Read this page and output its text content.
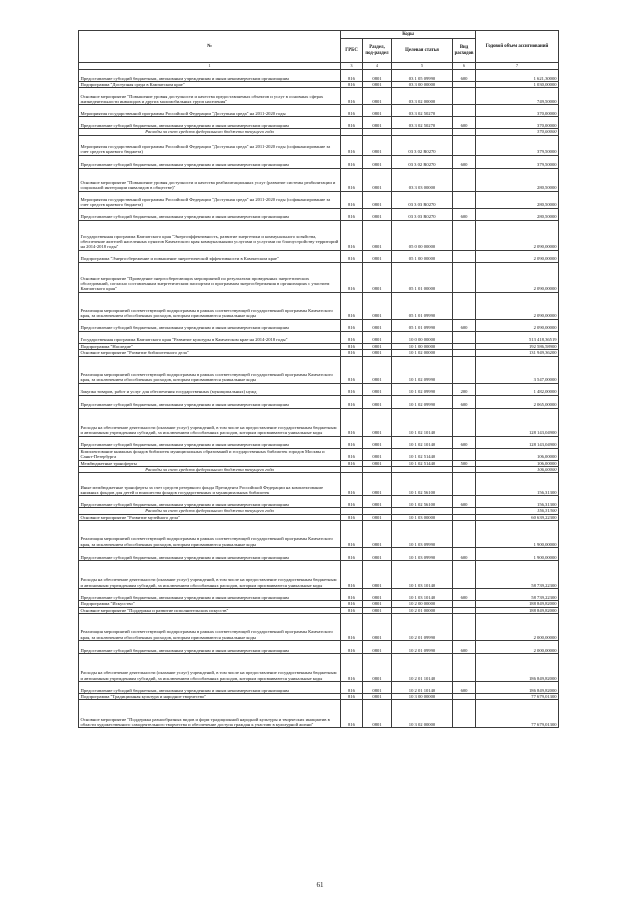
№	Коды				Годовой объем ассигнований
	ГРБС	Раздел, под-раздел	Целевая статья	Вид расходов	
1	3	4	5	6	7
Предоставление субсидий бюджетным, автономным учреждениям и иным некоммерческим организациям	816	0801	03 1 05 09990	600	1 621,30000
Подпрограмма "Доступная среда в Камчатском крае"	816	0801	03 3 00 00000		1 030,00000
Основное мероприятие "Повышение уровня доступности и качества предоставляемых объектов и услуг в основных сферах жизнедеятельности инвалидов и других маломобильных групп населения"	816	0801	03 3 02 00000		749,50000
Мероприятия государственной программы Российской Федерации "Доступная среда" на 2011-2020 годы	816	0801	03 3 02 50270		370,00000
Предоставление субсидий бюджетным, автономным учреждениям и иным некоммерческим организациям	816	0801	03 3 02 50270	600	370,00000
Расходы за счет средств федерального бюджета текущего года					370,00000
Мероприятия государственной программы Российской Федерации "Доступная среда" на 2011-2020 годы (софинансирование за счет средств краевого бюджета)	816	0801	03 3 02 R0270		379,50000
Предоставление субсидий бюджетным, автономным учреждениям и иным некоммерческим организациям	816	0801	03 3 02 R0270	600	379,50000
Основное мероприятие "Повышение уровня доступности и качества реабилитационных услуг (развитие системы реабилитации и социальной интеграции инвалидов в обществе)"	816	0801	03 3 03 00000		280,50000
Мероприятия государственной программы Российской Федерации "Доступная среда" на 2011-2020 годы (софинансирование за счет средств краевого бюджета)	816	0801	03 3 03 R0270		280,50000
Предоставление субсидий бюджетным, автономным учреждениям и иным некоммерческим организациям	816	0801	03 3 03 R0270	600	280,50000
Государственная программа Камчатского края "Энергоэффективность, развитие энергетики и коммунального хозяйства, обеспечение жителей населенных пунктов Камчатского края коммунальными услугами и услугами по благоустройству территорий на 2014-2018 годы"	816	0801	05 0 00 00000		2 090,00000
Подпрограмма "Энергосбережение и повышение энергетической эффективности в Камчатском крае"	816	0801	05 1 00 00000		2 090,00000
Основное мероприятие "Проведение энергосберегающих мероприятий по результатам проведенных энергетических обследований, согласно составленным энергетическим паспортам и программам энергосбережения в организациях с участием Камчатского края"	816	0801	05 1 01 00000		2 090,00000
Реализация мероприятий соответствующей подпрограммы в рамках соответствующей государственной программы Камчатского края, за исключением обособленных расходов, которым присваиваются уникальные коды	816	0801	05 1 01 09990		2 090,00000
Предоставление субсидий бюджетным, автономным учреждениям и иным некоммерческим организациям	816	0801	05 1 01 09990	600	2 090,00000
Государственная программа Камчатского края "Развитие культуры в Камчатском крае на 2014-2018 годы"	816	0801	10 0 00 00000		513 418,36519
Подпрограмма "Наследие"	816	0801	10 1 00 00000		192 586,58900
Основное мероприятие "Развитие библиотечного дела"	816	0801	10 1 02 00000		131 949,36200
Реализация мероприятий соответствующей подпрограммы в рамках соответствующей государственной программы Камчатского края, за исключением обособленных расходов, которым присваиваются уникальные коды	816	0801	10 1 02 09990		3 547,00000
Закупка товаров, работ и услуг для обеспечения государственных (муниципальных) нужд	816	0801	10 1 02 09990	200	1 482,00000
Предоставление субсидий бюджетным, автономным учреждениям и иным некоммерческим организациям	816	0801	10 1 02 09990	600	2 065,00000
Расходы на обеспечение деятельности (оказание услуг) учреждений, в том числе на предоставление государственным бюджетным и автономным учреждениям субсидий, за исключением обособленных расходов, которым присваиваются уникальные коды	816	0801	10 1 02 10140		128 143,04900
Предоставление субсидий бюджетным, автономным учреждениям и иным некоммерческим организациям	816	0801	10 1 02 10140	600	128 143,04900
Комплектование книжных фондов библиотек муниципальных образований и государственных библиотек городов Москвы и Санкт-Петербурга	816	0801	10 1 02 51440		106,00000
Межбюджетные трансферты	816	0801	10 1 02 51440	500	106,00000
Расходы за счет средств федерального бюджета текущего года					106,00000
Иные межбюджетные трансферты за счет средств резервного фонда Президента Российской Федерации на комплектование книжных фондов для детей и юношества фондов государственных и муниципальных библиотек	816	0801	10 1 02 56100		156,31300
Предоставление субсидий бюджетным, автономным учреждениям и иным некоммерческим организациям	816	0801	10 1 02 56100	600	156,31300
Расходы за счет средств федерального бюджета текущего года					156,31300
Основное мероприятие "Развитие музейного дела"	816	0801	10 1 03 00000		60 639,22300
Реализация мероприятий соответствующей подпрограммы в рамках соответствующей государственной программы Камчатского края, за исключением обособленных расходов, которым присваиваются уникальные коды	816	0801	10 1 03 09990		1 900,00000
Предоставление субсидий бюджетным, автономным учреждениям и иным некоммерческим организациям	816	0801	10 1 03 09990	600	1 900,00000
Расходы на обеспечение деятельности (оказание услуг) учреждений, в том числе на предоставление государственным бюджетным и автономным учреждениям субсидий, за исключением обособленных расходов, которым присваиваются уникальные коды	816	0801	10 1 03 10140		58 739,22300
Предоставление субсидий бюджетным, автономным учреждениям и иным некоммерческим организациям	816	0801	10 1 03 10140	600	58 739,22300
Подпрограмма "Искусство"	816	0801	10 2 00 00000		188 849,82000
Основное мероприятие "Поддержка и развитие исполнительских искусств"	816	0801	10 2 01 00000		188 849,82000
Реализация мероприятий соответствующей подпрограммы в рамках соответствующей государственной программы Камчатского края, за исключением обособленных расходов, которым присваиваются уникальные коды	816	0801	10 2 01 09990		2 000,00000
Предоставление субсидий бюджетным, автономным учреждениям и иным некоммерческим организациям	816	0801	10 2 01 09990	600	2 000,00000
Расходы на обеспечение деятельности (оказание услуг) учреждений, в том числе на предоставление государственным бюджетным и автономным учреждениям субсидий, за исключением обособленных расходов, которым присваиваются уникальные коды	816	0801	10 2 01 10140		186 849,82000
Предоставление субсидий бюджетным, автономным учреждениям и иным некоммерческим организациям	816	0801	10 2 01 10140	600	186 849,82000
Подпрограмма "Традиционная культура и народное творчество"	816	0801	10 3 00 00000		77 679,01300
Основное мероприятие "Поддержка разнообразных видов и форм традиционной народной культуры и творческих инициатив в области художественного самодеятельного творчества и обеспечение доступа граждан к участию в культурной жизни"	816	0801	10 3 02 00000		77 679,01300
61
